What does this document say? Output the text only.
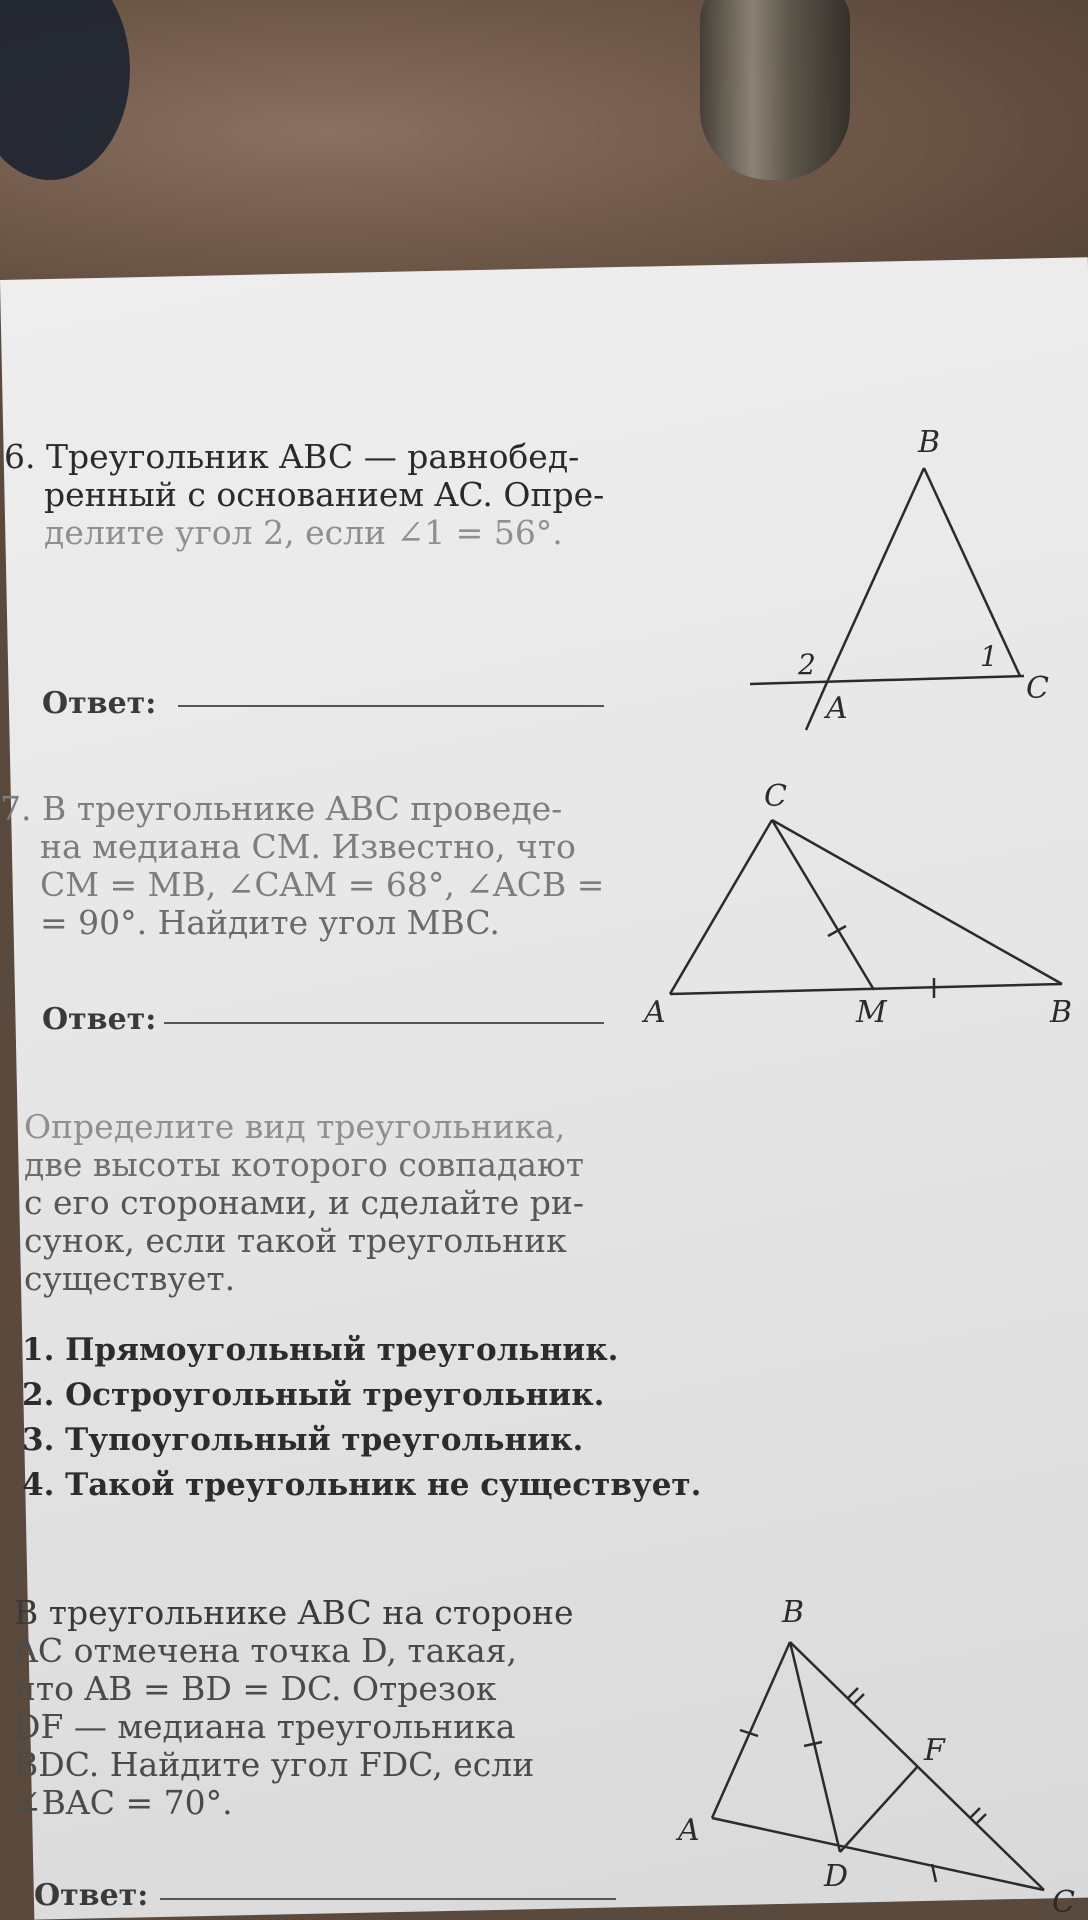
6. Треугольник ABC — равнобед-

ренный с основанием AC. Опре-

делите угол 2, если ∠1 = 56°.

Ответ:

7. В треугольнике ABC проведе-

на медиана CM. Известно, что

CM = MB, ∠CAM = 68°, ∠ACB =

= 90°. Найдите угол MBC.

Ответ:

Определите вид треугольника,

две высоты которого совпадают

с его сторонами, и сделайте ри-

сунок, если такой треугольник

существует.

1. Прямоугольный треугольник.
2. Остроугольный треугольник.
3. Тупоугольный треугольник.
4. Такой треугольник не существует.

В треугольнике ABC на стороне

AC отмечена точка D, такая,

что AB = BD = DC. Отрезок

DF — медиана треугольника

BDC. Найдите угол FDC, если

∠BAC = 70°.

Ответ:
B
A
C
1
2
C
A	M	B
B
A
D
F
C
